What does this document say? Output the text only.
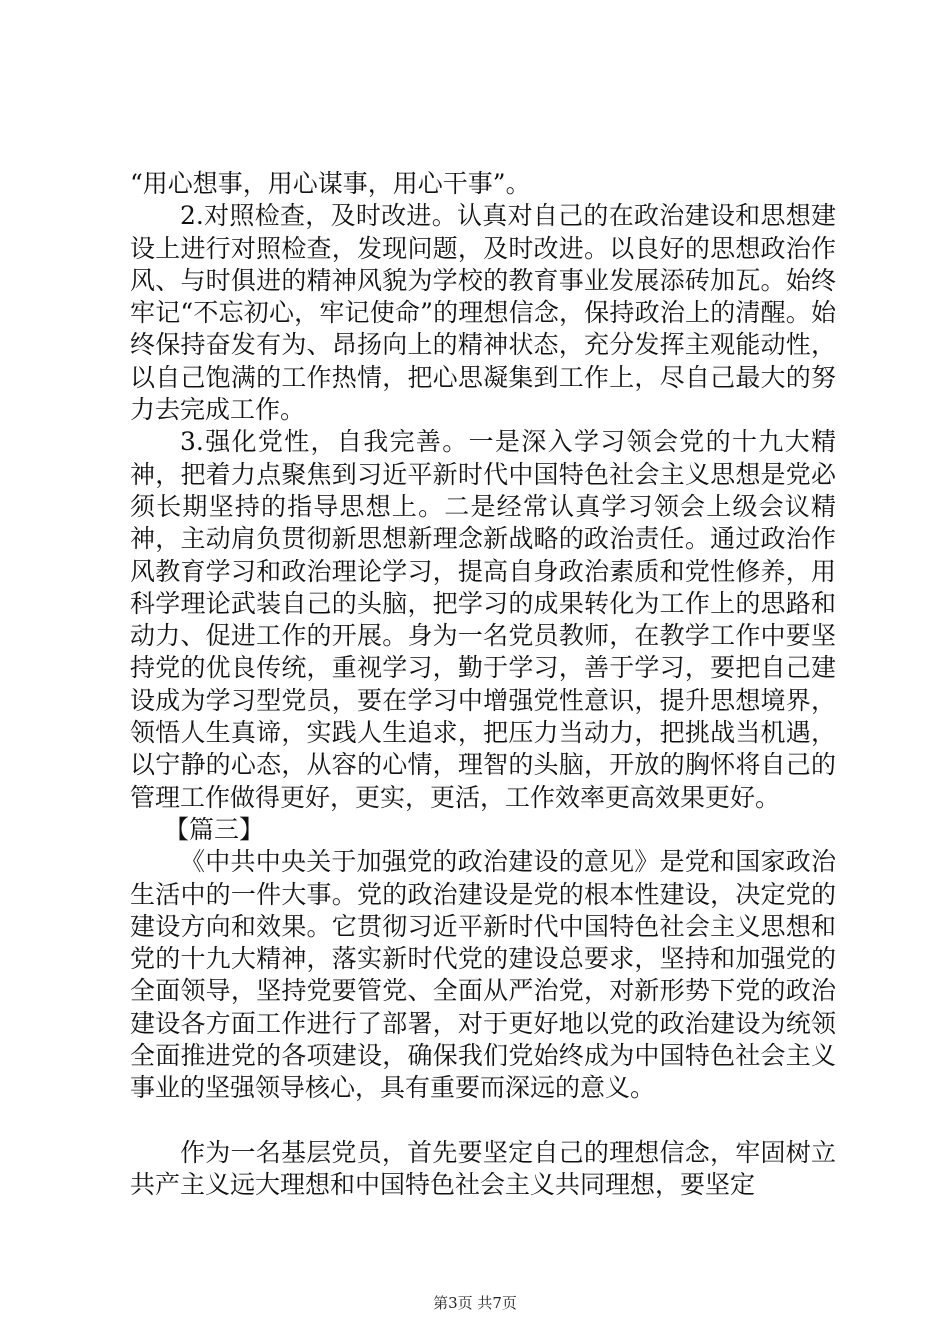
“用心想事，用心谋事，用心干事”。

2.对照检查，及时改进。认真对自己的在政治建设和思想建设上进行对照检查，发现问题，及时改进。以良好的思想政治作风、与时俱进的精神风貌为学校的教育事业发展添砖加瓦。始终牢记“不忘初心，牢记使命”的理想信念，保持政治上的清醒。始终保持奋发有为、昂扬向上的精神状态，充分发挥主观能动性，以自己饱满的工作热情，把心思凝集到工作上，尽自己最大的努力去完成工作。

3.强化党性，自我完善。一是深入学习领会党的十九大精神，把着力点聚焦到习近平新时代中国特色社会主义思想是党必须长期坚持的指导思想上。二是经常认真学习领会上级会议精神，主动肩负贯彻新思想新理念新战略的政治责任。通过政治作风教育学习和政治理论学习，提高自身政治素质和党性修养，用科学理论武装自己的头脑，把学习的成果转化为工作上的思路和动力、促进工作的开展。身为一名党员教师，在教学工作中要坚持党的优良传统，重视学习，勤于学习，善于学习，要把自己建设成为学习型党员，要在学习中增强党性意识，提升思想境界，领悟人生真谛，实践人生追求，把压力当动力，把挑战当机遇，以宁静的心态，从容的心情，理智的头脑，开放的胸怀将自己的管理工作做得更好，更实，更活，工作效率更高效果更好。

【篇三】

《中共中央关于加强党的政治建设的意见》是党和国家政治生活中的一件大事。党的政治建设是党的根本性建设，决定党的建设方向和效果。它贯彻习近平新时代中国特色社会主义思想和党的十九大精神，落实新时代党的建设总要求，坚持和加强党的全面领导，坚持党要管党、全面从严治党，对新形势下党的政治建设各方面工作进行了部署，对于更好地以党的政治建设为统领全面推进党的各项建设，确保我们党始终成为中国特色社会主义事业的坚强领导核心，具有重要而深远的意义。

作为一名基层党员，首先要坚定自己的理想信念，牢固树立共产主义远大理想和中国特色社会主义共同理想，要坚定

第3页 共7页
